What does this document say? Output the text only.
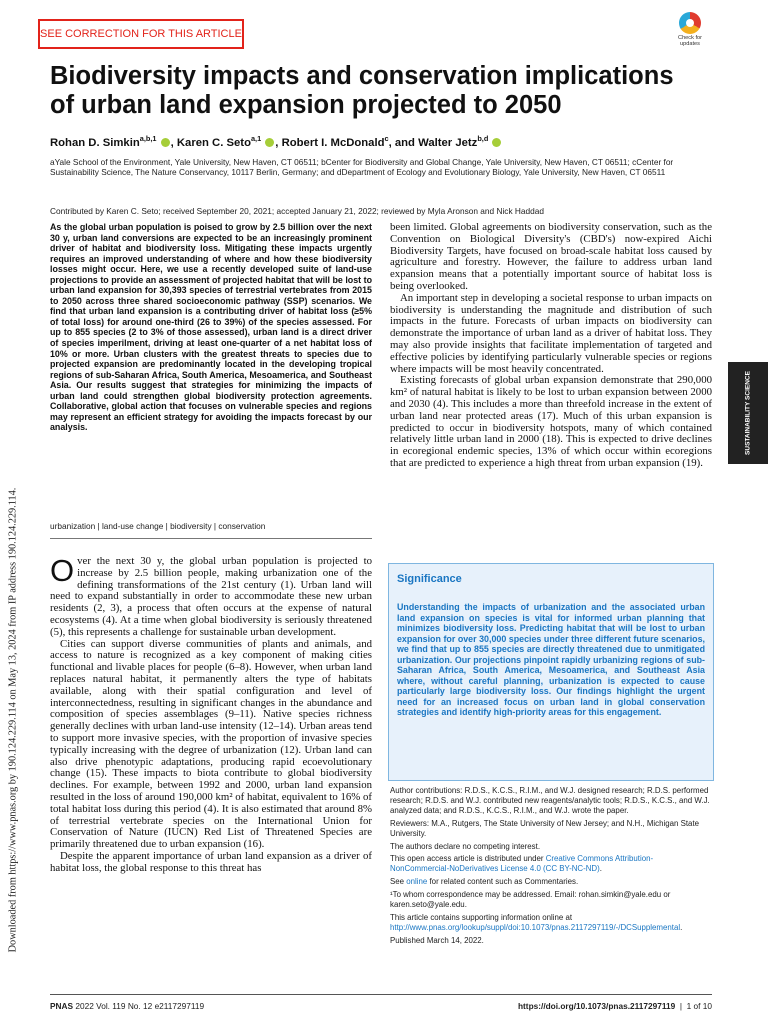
SEE CORRECTION FOR THIS ARTICLE	Check for updates
Biodiversity impacts and conservation implications of urban land expansion projected to 2050
Rohan D. Simkin$^{a,b,1}$ , Karen C. Seto$^{a,1}$ , Robert I. McDonald$^c$, and Walter Jetz$^{b,d}$
aYale School of the Environment, Yale University, New Haven, CT 06511; bCenter for Biodiversity and Global Change, Yale University, New Haven, CT 06511; cCenter for Sustainability Science, The Nature Conservancy, 10117 Berlin, Germany; and dDepartment of Ecology and Evolutionary Biology, Yale University, New Haven, CT 06511
Contributed by Karen C. Seto; received September 20, 2021; accepted January 21, 2022; reviewed by Myla Aronson and Nick Haddad
As the global urban population is poised to grow by 2.5 billion over the next 30 y, urban land conversions are expected to be an increasingly prominent driver of habitat and biodiversity loss. Mitigating these impacts urgently requires an improved understanding of where and how these biodiversity losses might occur. Here, we use a recently developed suite of land-use projections to provide an assessment of projected habitat that will be lost to urban land expansion for 30,393 species of terrestrial vertebrates from 2015 to 2050 across three shared socioeconomic pathway (SSP) scenarios. We find that urban land expansion is a contributing driver of habitat loss (≥5% of total loss) for around one-third (26 to 39%) of the species assessed. For up to 855 species (2 to 3% of those assessed), urban land is a direct driver of species imperilment, driving at least one-quarter of a net habitat loss of 10% or more. Urban clusters with the greatest threats to species due to projected expansion are predominantly located in the developing tropical regions of sub-Saharan Africa, South America, Mesoamerica, and Southeast Asia. Our results suggest that strategies for minimizing the impacts of urban land could strengthen global biodiversity protection agreements. Collaborative, global action that focuses on vulnerable species and regions may represent an efficient strategy for avoiding the impacts forecast by our analysis.
urbanization | land-use change | biodiversity | conservation

Over the next 30 y, the global urban population is projected to increase by 2.5 billion people, making urbanization one of the defining transformations of the 21st century (1). Urban land will need to expand substantially in order to accommodate these new urban residents (2, 3), a process that often occurs at the expense of natural ecosystems (4). At a time when global biodiversity is seriously threatened (5), this represents a challenge for sustainable urban development.

Cities can support diverse communities of plants and animals, and access to nature is recognized as a key component of making cities functional and livable places for people (6–8). However, when urban land replaces natural habitat, it permanently alters the type of habitats available, along with their spatial configuration and level of interconnectedness, resulting in significant changes in the abundance and composition of species assemblages (9–11). Native species richness generally declines with urban land-use intensity (12–14). Urban areas tend to support more invasive species, with the proportion of invasive species typically increasing with the degree of urbanization (12). Urban land can also drive phenotypic adaptations, producing rapid ecoevolutionary change (15). These impacts to biota contribute to global biodiversity declines. For example, between 1992 and 2000, urban land expansion resulted in the loss of around 190,000 km² of habitat, equivalent to 16% of total habitat loss during this period (4). It is also estimated that around 8% of terrestrial vertebrate species on the International Union for Conservation of Nature (IUCN) Red List of Threatened Species are primarily threatened due to urban expansion (16).

Despite the apparent importance of urban land expansion as a driver of habitat loss, the global response to this threat has

been limited. Global agreements on biodiversity conservation, such as the Convention on Biological Diversity's (CBD's) now-expired Aichi Biodiversity Targets, have focused on broad-scale habitat loss caused by agriculture and forestry. However, the failure to address urban land expansion means that a potentially important source of habitat loss is being overlooked.

An important step in developing a societal response to urban impacts on biodiversity is understanding the magnitude and distribution of such impacts in the future. Forecasts of urban impacts on biodiversity can demonstrate the importance of urban land as a driver of habitat loss. They may also provide insights that facilitate implementation of targeted and effective policies by identifying particularly vulnerable species or regions where impacts will be most heavily concentrated.

Existing forecasts of global urban expansion demonstrate that 290,000 km² of natural habitat is likely to be lost to urban expansion between 2000 and 2030 (4). This includes a more than threefold increase in the extent of urban land near protected areas (17). Much of this urban expansion is predicted to occur in biodiversity hotspots, many of which contained relatively little urban land in 2000 (18). This is expected to drive declines in ecoregional endemic species, 13% of which occur within ecoregions that are predicted to experience a high threat from urban expansion (19).

Significance
Understanding the impacts of urbanization and the associated urban land expansion on species is vital for informed urban planning that minimizes biodiversity loss. Predicting habitat that will be lost to urban expansion for over 30,000 species under three different future scenarios, we find that up to 855 species are directly threatened due to unmitigated urbanization. Our projections pinpoint rapidly urbanizing regions of sub-Saharan Africa, South America, Mesoamerica, and Southeast Asia where, without careful planning, urbanization is expected to cause particularly large biodiversity loss. Our findings highlight the urgent need for an increased focus on urban land in global conservation strategies and identify high-priority areas for this engagement.

Author contributions: R.D.S., K.C.S., R.I.M., and W.J. designed research; R.D.S. performed research; R.D.S. and W.J. contributed new reagents/analytic tools; R.D.S., K.C.S., and W.J. analyzed data; and R.D.S., K.C.S., R.I.M., and W.J. wrote the paper.

Reviewers: M.A., Rutgers, The State University of New Jersey; and N.H., Michigan State University.

The authors declare no competing interest.

This open access article is distributed under Creative Commons Attribution-NonCommercial-NoDerivatives License 4.0 (CC BY-NC-ND).

See online for related content such as Commentaries.

¹To whom correspondence may be addressed. Email: rohan.simkin@yale.edu or karen.seto@yale.edu.

This article contains supporting information online at http://www.pnas.org/lookup/suppl/doi:10.1073/pnas.2117297119/-/DCSupplemental.

Published March 14, 2022.

SUSTAINABILITY SCIENCE
Downloaded from https://www.pnas.org by 190.124.229.114 on May 13, 2024 from IP address 190.124.229.114.
PNAS 2022 Vol. 119 No. 12 e2117297119	https://doi.org/10.1073/pnas.2117297119  |  1 of 10
